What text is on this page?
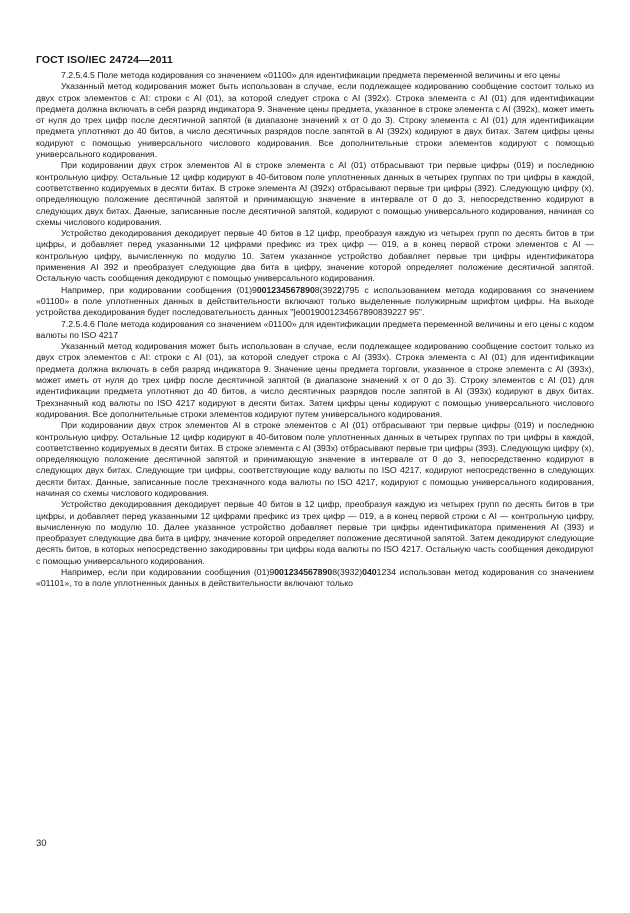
ГОСТ ISO/IEC 24724—2011

7.2.5.4.5 Поле метода кодирования со значением «01100» для идентификации предмета переменной величины и его цены

Указанный метод кодирования может быть использован в случае, если подлежащее кодированию сообщение состоит только из двух строк элементов с AI: строки с AI (01), за которой следует строка с AI (392x). Строка элемента с AI (01) для идентификации предмета должна включать в себя разряд индикатора 9. Значение цены предмета, указанное в строке элемента с AI (392x), может иметь от нуля до трех цифр после десятичной запятой (в диапазоне значений x от 0 до 3). Строку элемента с AI (01) для идентификации предмета уплотняют до 40 битов, а число десятичных разрядов после запятой в AI (392x) кодируют в двух битах. Затем цифры цены кодируют с помощью универсального числового кодирования. Все дополнительные строки элементов кодируют с помощью универсального кодирования.

При кодировании двух строк элементов AI в строке элемента с AI (01) отбрасывают три первые цифры (019) и последнюю контрольную цифру. Остальные 12 цифр кодируют в 40-битовом поле уплотненных данных в четырех группах по три цифры в каждой, соответственно кодируемых в десяти битах. В строке элемента AI (392x) отбрасывают первые три цифры (392). Следующую цифру (x), определяющую положение десятичной запятой и принимающую значение в интервале от 0 до 3, непосредственно кодируют в следующих двух битах. Данные, записанные после десятичной запятой, кодируют с помощью универсального кодирования, начиная со схемы числового кодирования.

Устройство декодирования декодирует первые 40 битов в 12 цифр, преобразуя каждую из четырех групп по десять битов в три цифры, и добавляет перед указанными 12 цифрами префикс из трех цифр — 019, а в конец первой строки элементов с AI — контрольную цифру, вычисленную по модулю 10. Затем указанное устройство добавляет первые три цифры идентификатора применения AI 392 и преобразует следующие два бита в цифру, значение которой определяет положение десятичной запятой. Остальную часть сообщения декодируют с помощью универсального кодирования.

Например, при кодировании сообщения (01)90012345678908(3922)795 с использованием метода кодирования со значением «01100» в поле уплотненных данных в действительности включают только выделенные полужирным шрифтом цифры. На выходе устройства декодирования будет последовательность данных "]e0019001234567890839227 95".

7.2.5.4.6 Поле метода кодирования со значением «01100» для идентификации предмета переменной величины и его цены с кодом валюты по ISO 4217

Указанный метод кодирования может быть использован в случае, если подлежащее кодированию сообщение состоит только из двух строк элементов с AI: строки с AI (01), за которой следует строка с AI (393x). Строка элемента с AI (01) для идентификации предмета должна включать в себя разряд индикатора 9. Значение цены предмета торговли, указанное в строке элемента с AI (393x), может иметь от нуля до трех цифр после десятичной запятой (в диапазоне значений x от 0 до 3). Строку элементов с AI (01) для идентификации предмета уплотняют до 40 битов, а число десятичных разрядов после запятой в AI (393x) кодируют в двух битах. Трехзначный код валюты по ISO 4217 кодируют в десяти битах. Затем цифры цены кодируют с помощью универсального числового кодирования. Все дополнительные строки элементов кодируют путем универсального кодирования.

При кодировании двух строк элементов AI в строке элементов с AI (01) отбрасывают три первые цифры (019) и последнюю контрольную цифру. Остальные 12 цифр кодируют в 40-битовом поле уплотненных данных в четырех группах по три цифры в каждой, соответственно кодируемых в десяти битах. В строке элемента с AI (393x) отбрасывают первые три цифры (393). Следующую цифру (x), определяющую положение десятичной запятой и принимающую значение в интервале от 0 до 3, непосредственно кодируют в следующих двух битах. Следующие три цифры, соответствующие коду валюты по ISO 4217, кодируют непосредственно в следующих десяти битах. Данные, записанные после трехзначного кода валюты по ISO 4217, кодируют с помощью универсального кодирования, начиная со схемы числового кодирования.

Устройство декодирования декодирует первые 40 битов в 12 цифр, преобразуя каждую из четырех групп по десять битов в три цифры, и добавляет перед указанными 12 цифрами префикс из трех цифр — 019, а в конец первой строки с AI — контрольную цифру, вычисленную по модулю 10. Далее указанное устройство добавляет первые три цифры идентификатора применения AI (393) и преобразует следующие два бита в цифру, значение которой определяет положение десятичной запятой. Затем декодируют следующие десять битов, в которых непосредственно закодированы три цифры кода валюты по ISO 4217. Остальную часть сообщения декодируют с помощью универсального кодирования.

Например, если при кодировании сообщения (01)90012345678908(3932)0401234 использован метод кодирования со значением «01101», то в поле уплотненных данных в действительности включают только

30
